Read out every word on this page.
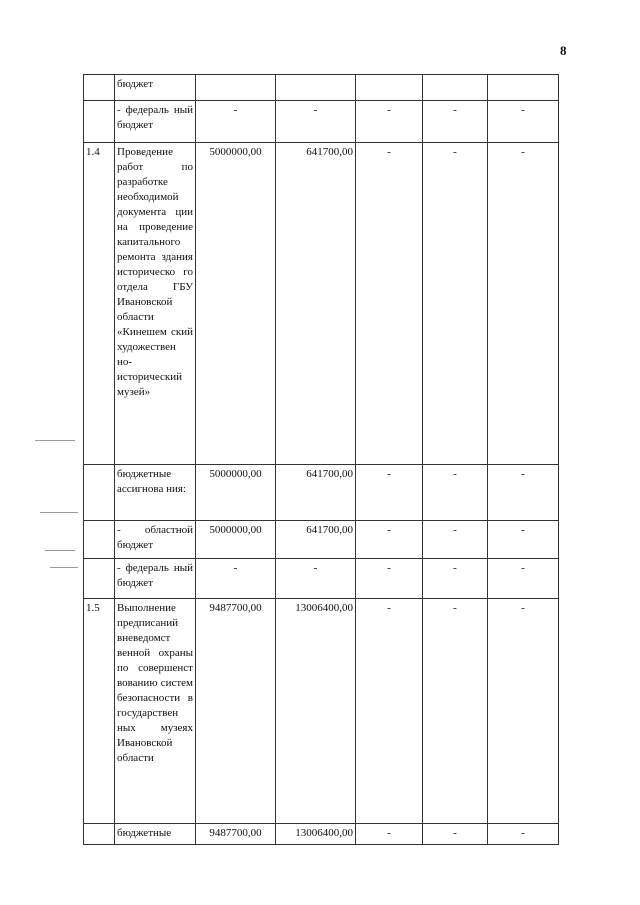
8
	бюджет					
	- федераль ный бюджет	-	-	-	-	-
1.4	Проведение работ по разработке необходимой документа ции на проведение капитального ремонта здания историческо го отдела ГБУ Ивановской области «Кинешем ский художествен но-исторический музей»	5000000,00	641700,00	-	-	-
	бюджетные ассигнова ния:	5000000,00	641700,00	-	-	-
	- областной бюджет	5000000,00	641700,00	-	-	-
	- федераль ный бюджет	-	-	-	-	-
1.5	Выполнение предписаний вневедомст венной охраны по совершенст вованию систем безопасности в государствен ных музеях Ивановской области	9487700,00	13006400,00	-	-	-
	бюджетные	9487700,00	13006400,00	-	-	-
